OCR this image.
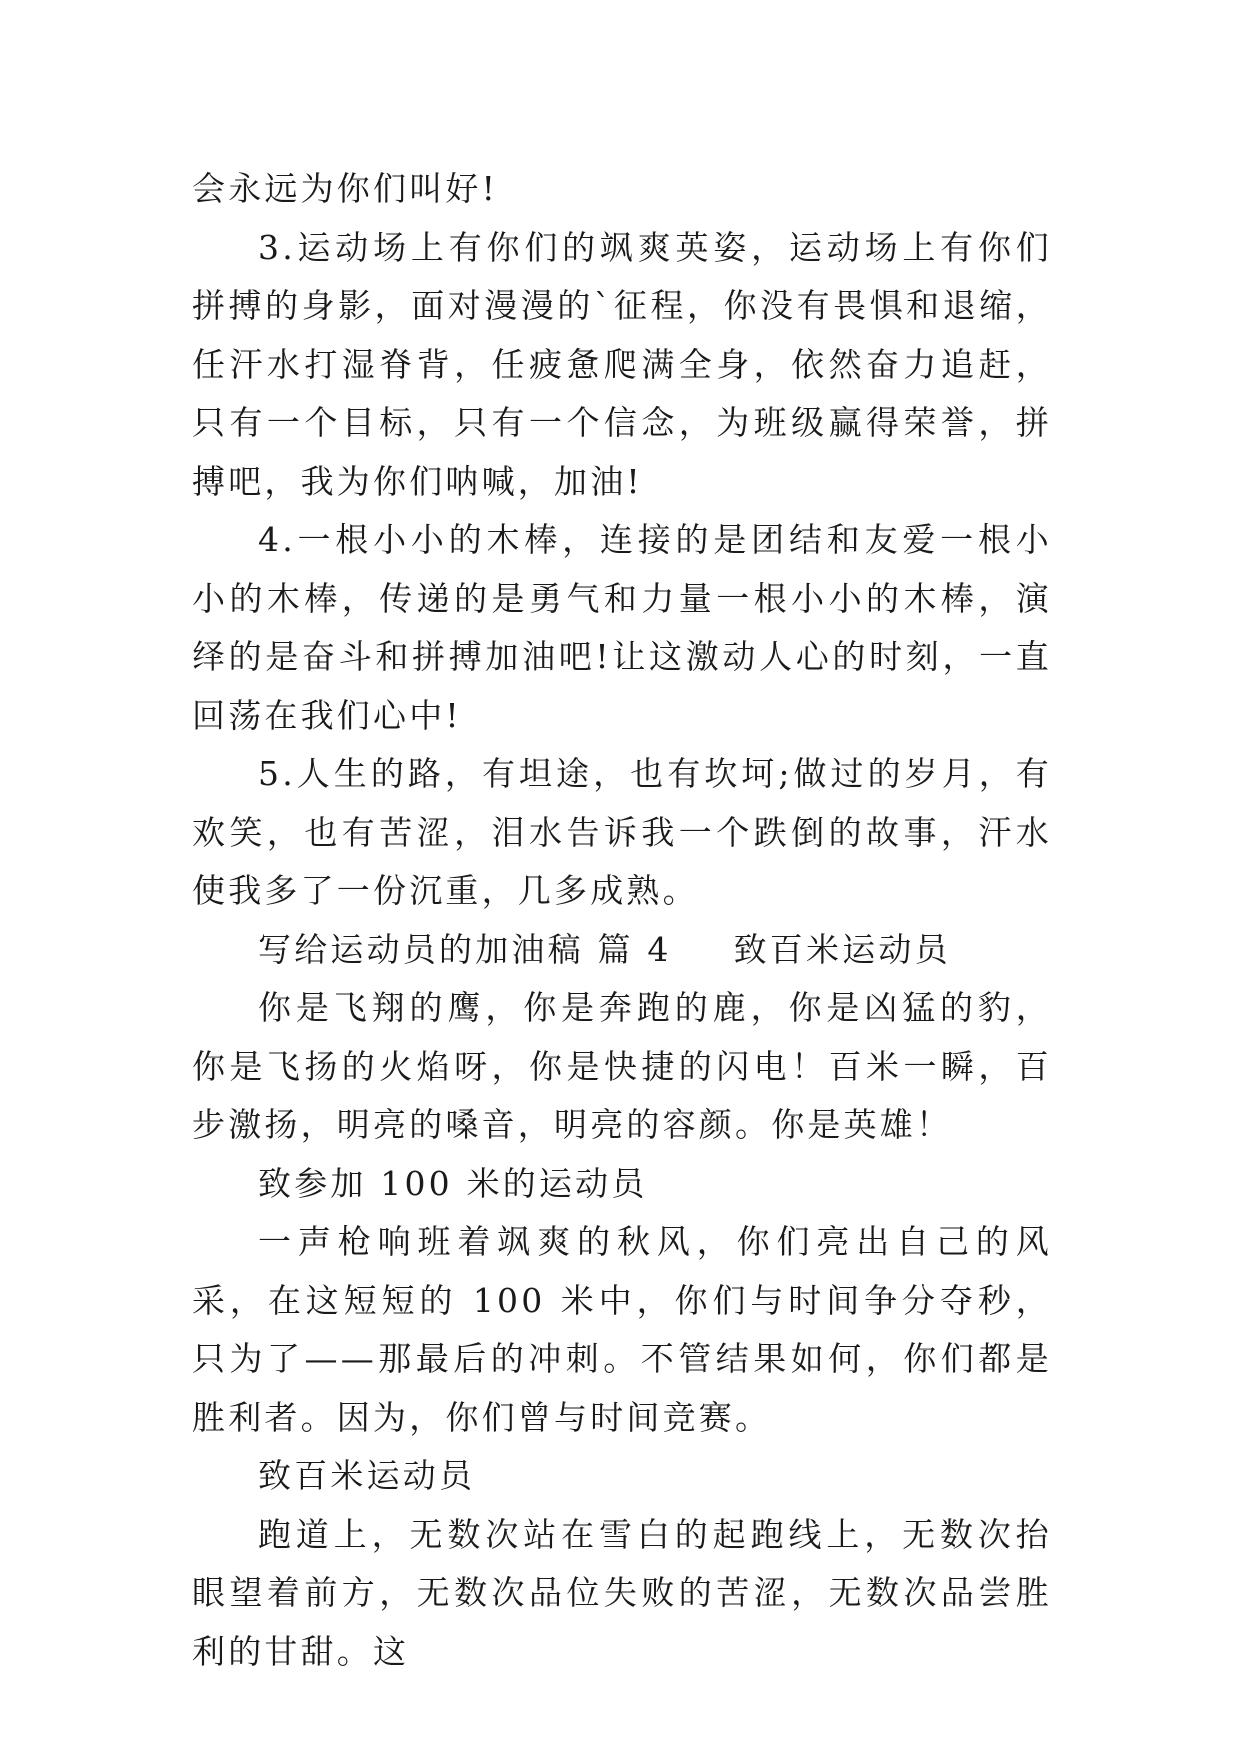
会永远为你们叫好!

3.运动场上有你们的飒爽英姿，运动场上有你们拼搏的身影，面对漫漫的`征程，你没有畏惧和退缩，任汗水打湿脊背，任疲惫爬满全身，依然奋力追赶，只有一个目标，只有一个信念，为班级赢得荣誉，拼搏吧，我为你们呐喊，加油!

4.一根小小的木棒，连接的是团结和友爱一根小小的木棒，传递的是勇气和力量一根小小的木棒，演绎的是奋斗和拼搏加油吧!让这激动人心的时刻，一直回荡在我们心中!

5.人生的路，有坦途，也有坎坷;做过的岁月，有欢笑，也有苦涩，泪水告诉我一个跌倒的故事，汗水使我多了一份沉重，几多成熟。

写给运动员的加油稿 篇 4 致百米运动员

你是飞翔的鹰，你是奔跑的鹿，你是凶猛的豹，你是飞扬的火焰呀，你是快捷的闪电！百米一瞬，百步激扬，明亮的嗓音，明亮的容颜。你是英雄！

致参加 100 米的运动员

一声枪响班着飒爽的秋风，你们亮出自己的风采，在这短短的 100 米中，你们与时间争分夺秒，只为了——那最后的冲刺。不管结果如何，你们都是胜利者。因为，你们曾与时间竞赛。

致百米运动员

跑道上，无数次站在雪白的起跑线上，无数次抬眼望着前方，无数次品位失败的苦涩，无数次品尝胜利的甘甜。这
